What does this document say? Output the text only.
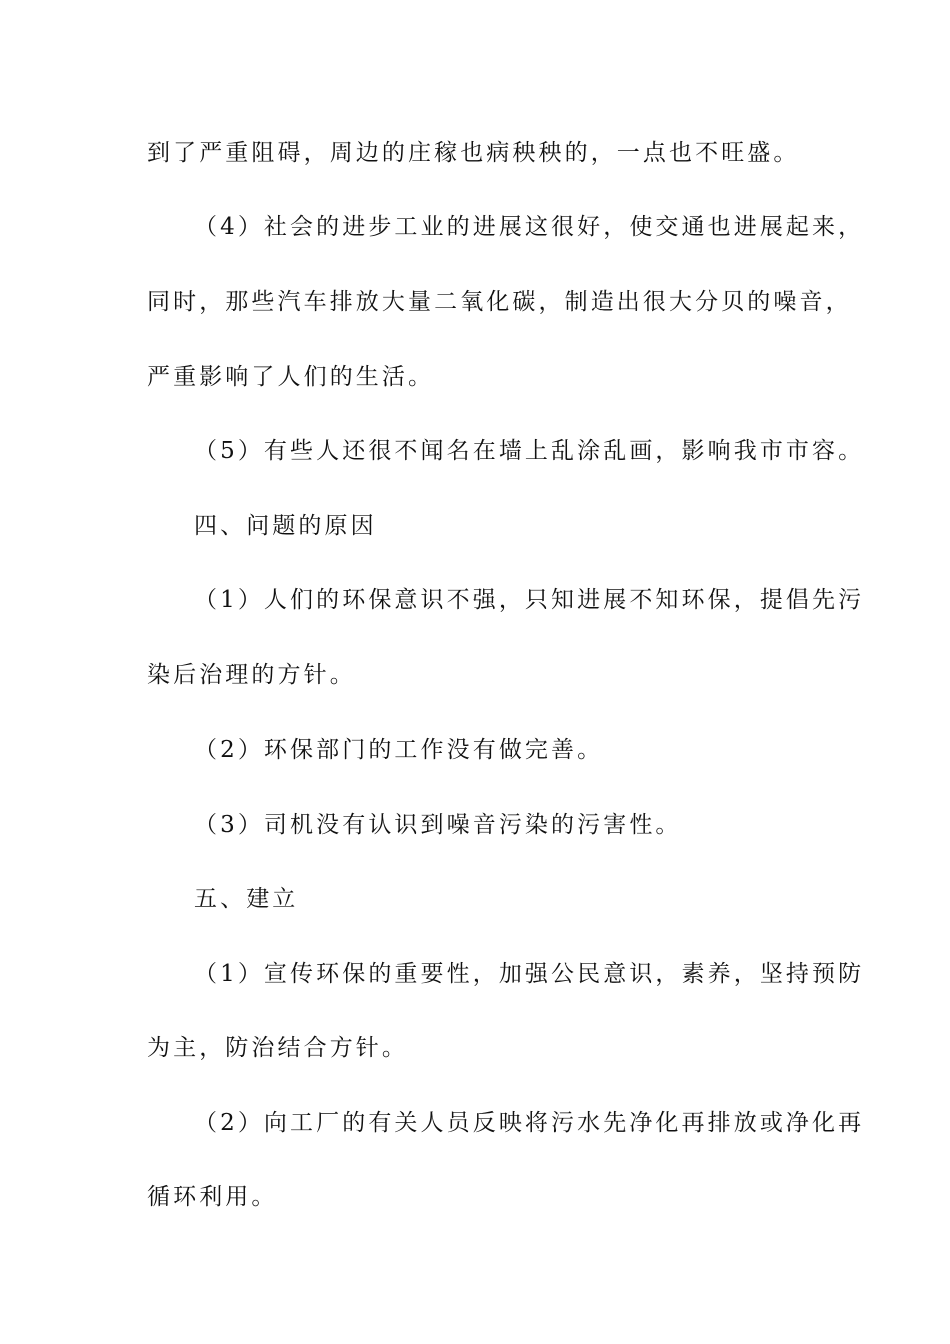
到了严重阻碍，周边的庄稼也病秧秧的，一点也不旺盛。
（4）社会的进步工业的进展这很好，使交通也进展起来，
同时，那些汽车排放大量二氧化碳，制造出很大分贝的噪音，
严重影响了人们的生活。
（5）有些人还很不闻名在墙上乱涂乱画，影响我市市容。
四、问题的原因
（1）人们的环保意识不强，只知进展不知环保，提倡先污
染后治理的方针。
（2）环保部门的工作没有做完善。
（3）司机没有认识到噪音污染的污害性。
五、建立
（1）宣传环保的重要性，加强公民意识，素养，坚持预防
为主，防治结合方针。
（2）向工厂的有关人员反映将污水先净化再排放或净化再
循环利用。
